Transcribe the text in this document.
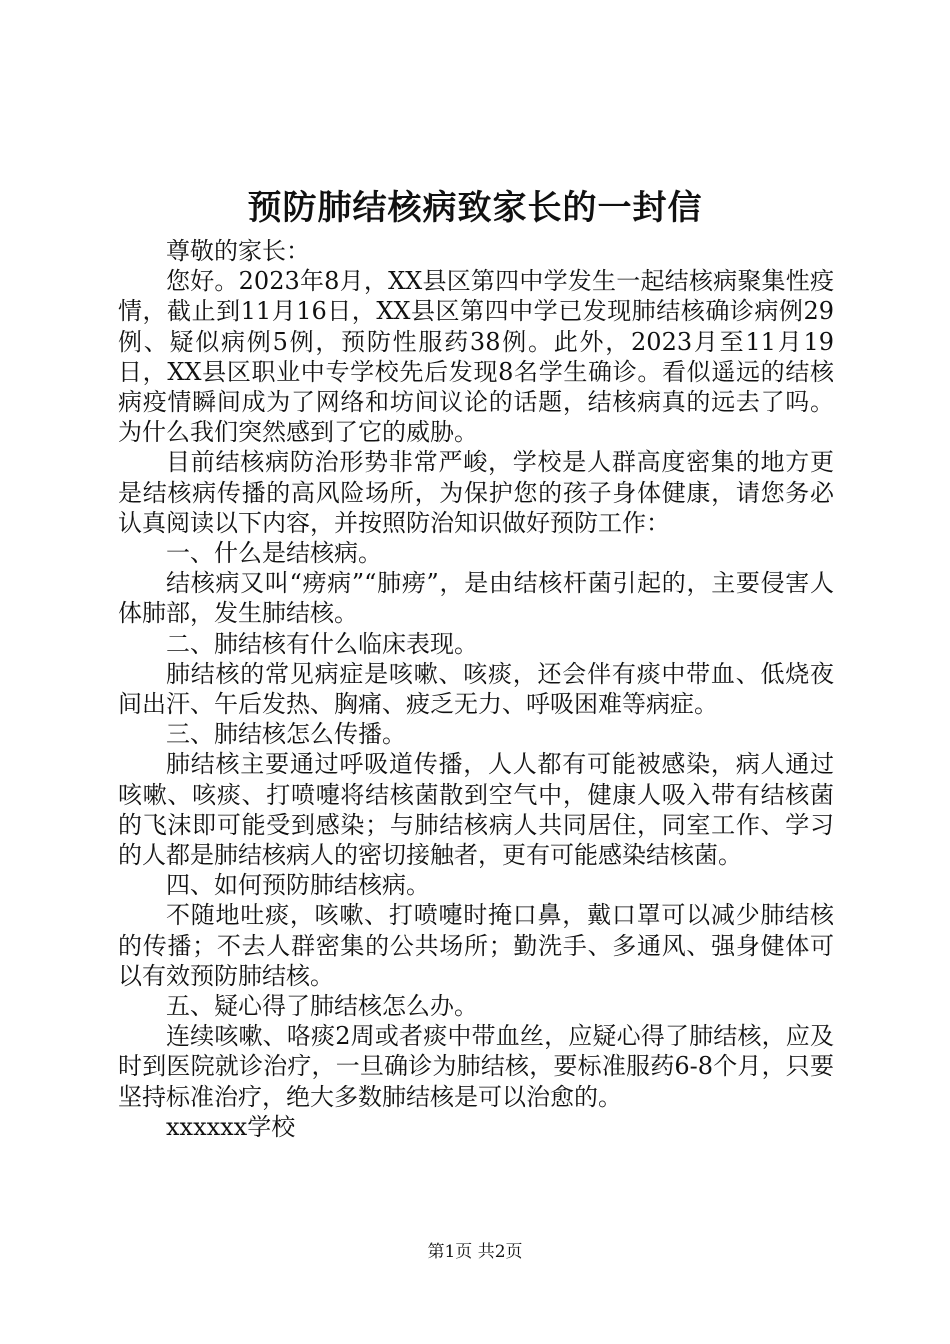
预防肺结核病致家长的一封信

尊敬的家长：

您好。2023年8月，XX县区第四中学发生一起结核病聚集性疫情，截止到11月16日，XX县区第四中学已发现肺结核确诊病例29例、疑似病例5例，预防性服药38例。此外，2023月至11月19日，XX县区职业中专学校先后发现8名学生确诊。看似遥远的结核病疫情瞬间成为了网络和坊间议论的话题，结核病真的远去了吗。为什么我们突然感到了它的威胁。

目前结核病防治形势非常严峻，学校是人群高度密集的地方更是结核病传播的高风险场所，为保护您的孩子身体健康，请您务必认真阅读以下内容，并按照防治知识做好预防工作：

一、什么是结核病。

结核病又叫“痨病”“肺痨”，是由结核杆菌引起的，主要侵害人体肺部，发生肺结核。

二、肺结核有什么临床表现。

肺结核的常见病症是咳嗽、咳痰，还会伴有痰中带血、低烧夜间出汗、午后发热、胸痛、疲乏无力、呼吸困难等病症。

三、肺结核怎么传播。

肺结核主要通过呼吸道传播，人人都有可能被感染，病人通过咳嗽、咳痰、打喷嚏将结核菌散到空气中，健康人吸入带有结核菌的飞沫即可能受到感染；与肺结核病人共同居住，同室工作、学习的人都是肺结核病人的密切接触者，更有可能感染结核菌。

四、如何预防肺结核病。

不随地吐痰，咳嗽、打喷嚏时掩口鼻，戴口罩可以减少肺结核的传播；不去人群密集的公共场所；勤洗手、多通风、强身健体可以有效预防肺结核。

五、疑心得了肺结核怎么办。

连续咳嗽、咯痰2周或者痰中带血丝，应疑心得了肺结核，应及时到医院就诊治疗，一旦确诊为肺结核，要标准服药6-8个月，只要坚持标准治疗，绝大多数肺结核是可以治愈的。

xxxxxx学校

第1页 共2页
